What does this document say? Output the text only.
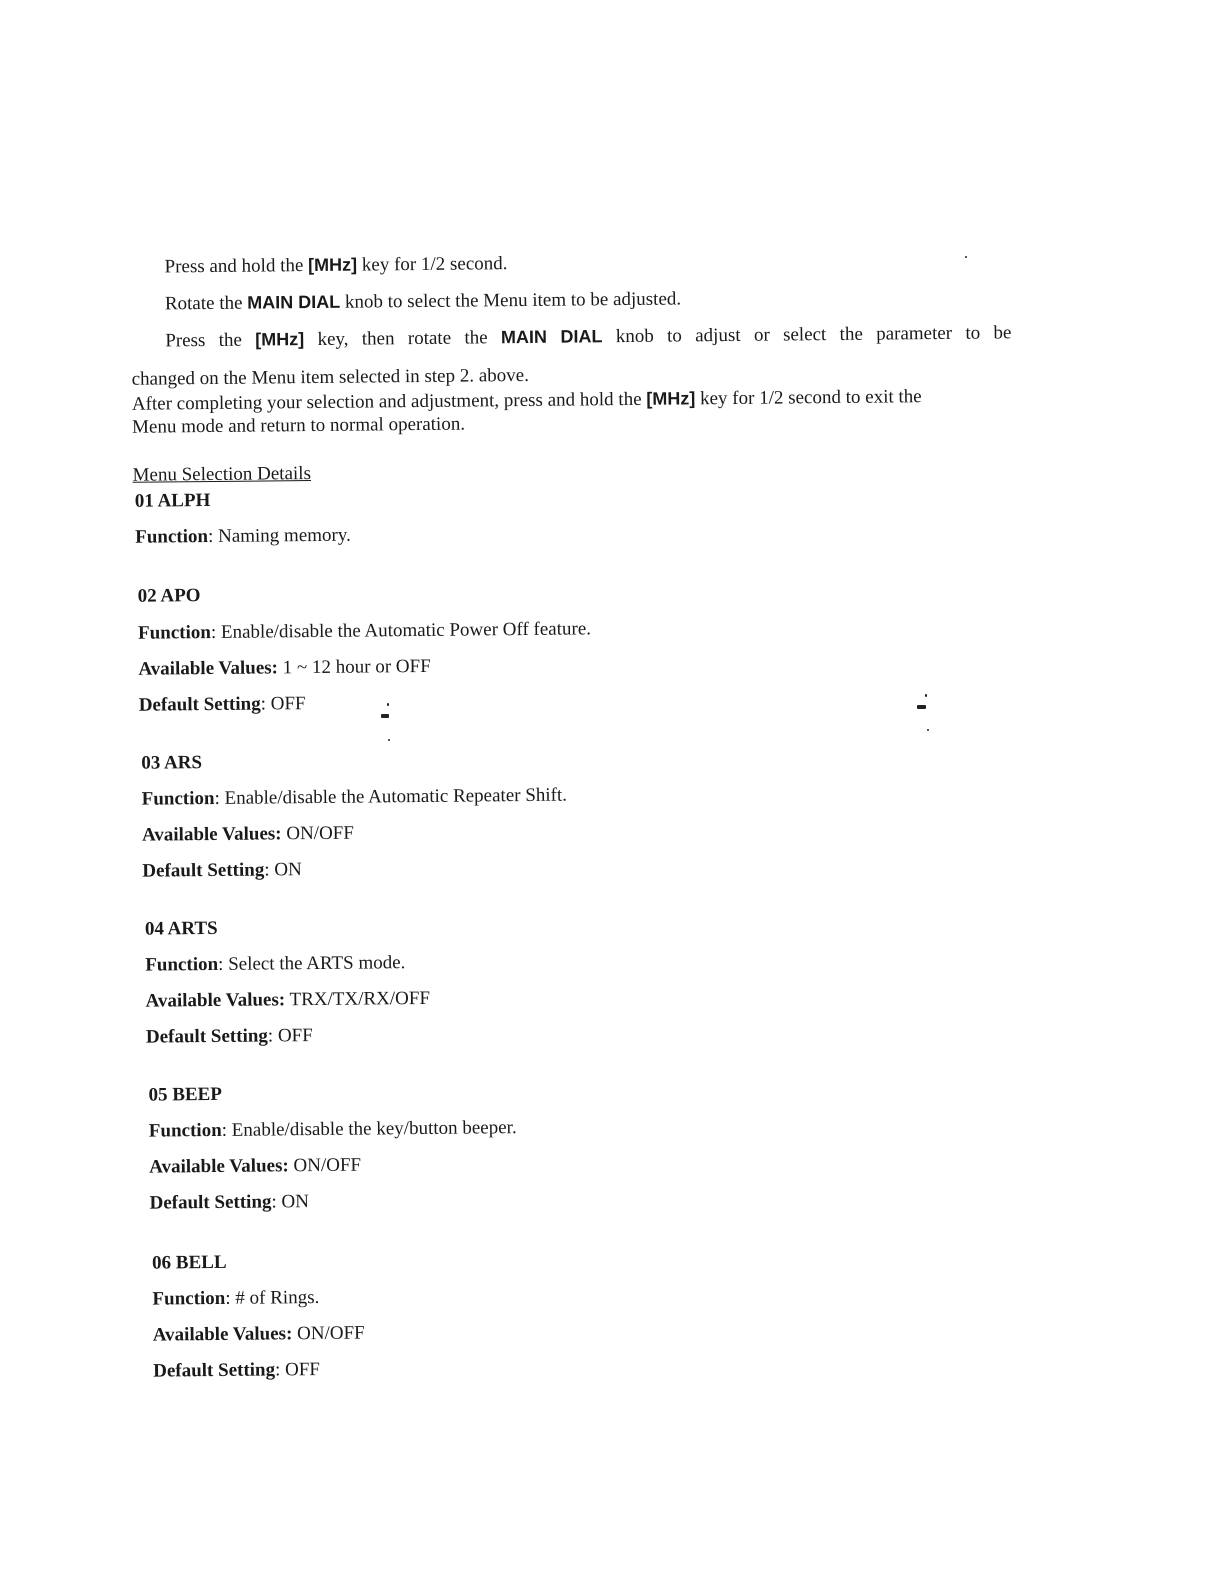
Press and hold the [MHz] key for 1/2 second.
Rotate the MAIN DIAL knob to select the Menu item to be adjusted.
Press the [MHz] key, then rotate the MAIN DIAL knob to adjust or select the parameter to be
changed on the Menu item selected in step 2. above.
After completing your selection and adjustment, press and hold the [MHz] key for 1/2 second to exit the
Menu mode and return to normal operation.
Menu Selection Details
01 ALPH
Function: Naming memory.
02 APO
Function: Enable/disable the Automatic Power Off feature.
Available Values: 1 ~ 12 hour or OFF
Default Setting: OFF
03 ARS
Function: Enable/disable the Automatic Repeater Shift.
Available Values: ON/OFF
Default Setting: ON
04 ARTS
Function: Select the ARTS mode.
Available Values: TRX/TX/RX/OFF
Default Setting: OFF
05 BEEP
Function: Enable/disable the key/button beeper.
Available Values: ON/OFF
Default Setting: ON
06 BELL
Function: # of Rings.
Available Values: ON/OFF
Default Setting: OFF
